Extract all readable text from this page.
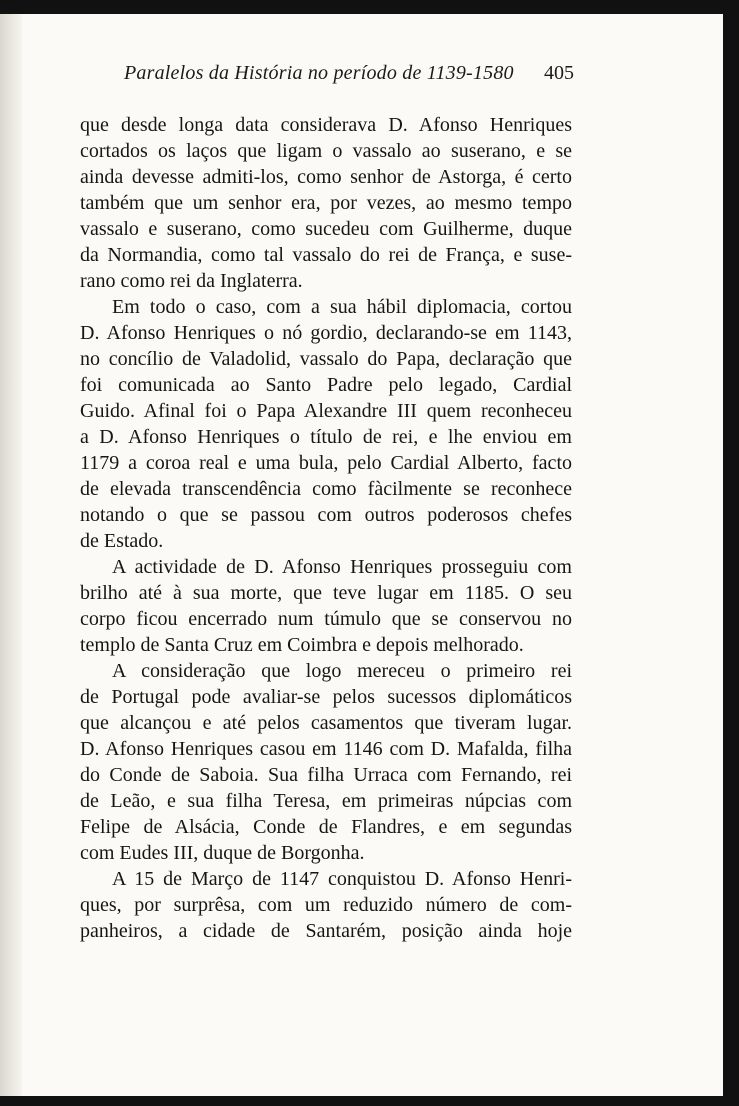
Paralelos da História no período de 1139-1580	405
que desde longa data considerava D. Afonso Henriques
cortados os laços que ligam o vassalo ao suserano, e se
ainda devesse admiti-los, como senhor de Astorga, é certo
também que um senhor era, por vezes, ao mesmo tempo
vassalo e suserano, como sucedeu com Guilherme, duque
da Normandia, como tal vassalo do rei de França, e suse-
rano como rei da Inglaterra.
Em todo o caso, com a sua hábil diplomacia, cortou
D. Afonso Henriques o nó gordio, declarando-se em 1143,
no concílio de Valadolid, vassalo do Papa, declaração que
foi comunicada ao Santo Padre pelo legado, Cardial
Guido. Afinal foi o Papa Alexandre III quem reconheceu
a D. Afonso Henriques o título de rei, e lhe enviou em
1179 a coroa real e uma bula, pelo Cardial Alberto, facto
de elevada transcendência como fàcilmente se reconhece
notando o que se passou com outros poderosos chefes
de Estado.
A actividade de D. Afonso Henriques prosseguiu com
brilho até à sua morte, que teve lugar em 1185. O seu
corpo ficou encerrado num túmulo que se conservou no
templo de Santa Cruz em Coimbra e depois melhorado.
A consideração que logo mereceu o primeiro rei
de Portugal pode avaliar-se pelos sucessos diplomáticos
que alcançou e até pelos casamentos que tiveram lugar.
D. Afonso Henriques casou em 1146 com D. Mafalda, filha
do Conde de Saboia. Sua filha Urraca com Fernando, rei
de Leão, e sua filha Teresa, em primeiras núpcias com
Felipe de Alsácia, Conde de Flandres, e em segundas
com Eudes III, duque de Borgonha.
A 15 de Março de 1147 conquistou D. Afonso Henri-
ques, por surprêsa, com um reduzido número de com-
panheiros, a cidade de Santarém, posição ainda hoje
